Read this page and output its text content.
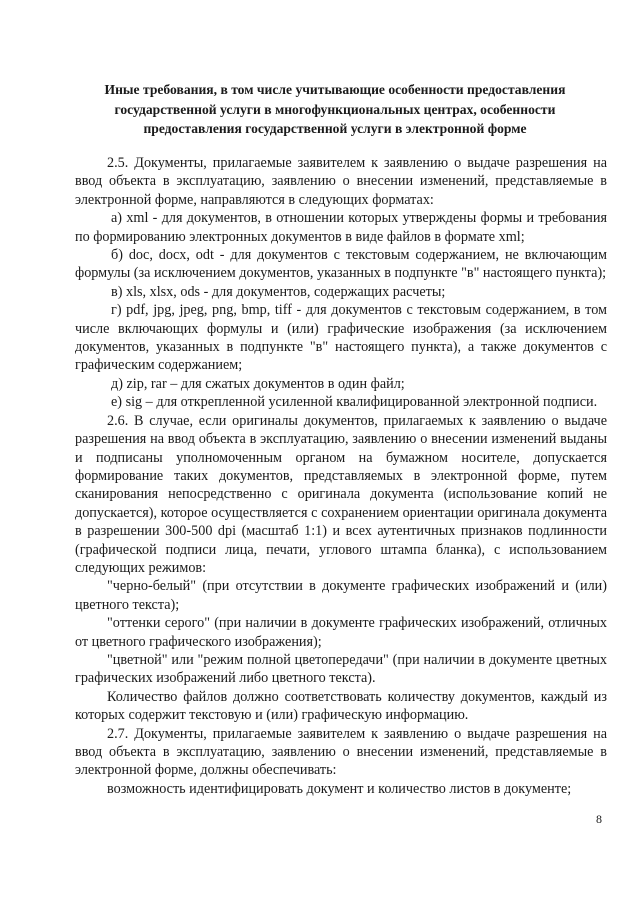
Иные требования, в том числе учитывающие особенности предоставления
государственной услуги в многофункциональных центрах, особенности
предоставления государственной услуги в электронной форме

2.5. Документы, прилагаемые заявителем к заявлению о выдаче разрешения на ввод объекта в эксплуатацию, заявлению о внесении изменений, представляемые в электронной форме, направляются в следующих форматах:

а) xml - для документов, в отношении которых утверждены формы и требования по формированию электронных документов в виде файлов в формате xml;

б) doc, docx, odt - для документов с текстовым содержанием, не включающим формулы (за исключением документов, указанных в подпункте "в" настоящего пункта);

в) xls, xlsx, ods - для документов, содержащих расчеты;

г) pdf, jpg, jpeg, png, bmp, tiff - для документов с текстовым содержанием, в том числе включающих формулы и (или) графические изображения (за исключением документов, указанных в подпункте "в" настоящего пункта), а также документов с графическим содержанием;

д) zip, rar – для сжатых документов в один файл;

е) sig – для открепленной усиленной квалифицированной электронной подписи.

2.6. В случае, если оригиналы документов, прилагаемых к заявлению о выдаче разрешения на ввод объекта в эксплуатацию, заявлению о внесении изменений выданы и подписаны уполномоченным органом на бумажном носителе, допускается формирование таких документов, представляемых в электронной форме, путем сканирования непосредственно с оригинала документа (использование копий не допускается), которое осуществляется с сохранением ориентации оригинала документа в разрешении 300-500 dpi (масштаб 1:1) и всех аутентичных признаков подлинности (графической подписи лица, печати, углового штампа бланка), с использованием следующих режимов:

"черно-белый" (при отсутствии в документе графических изображений и (или) цветного текста);

"оттенки серого" (при наличии в документе графических изображений, отличных от цветного графического изображения);

"цветной" или "режим полной цветопередачи" (при наличии в документе цветных графических изображений либо цветного текста).

Количество файлов должно соответствовать количеству документов, каждый из которых содержит текстовую и (или) графическую информацию.

2.7. Документы, прилагаемые заявителем к заявлению о выдаче разрешения на ввод объекта в эксплуатацию, заявлению о внесении изменений, представляемые в электронной форме, должны обеспечивать:

возможность идентифицировать документ и количество листов в документе;

8
